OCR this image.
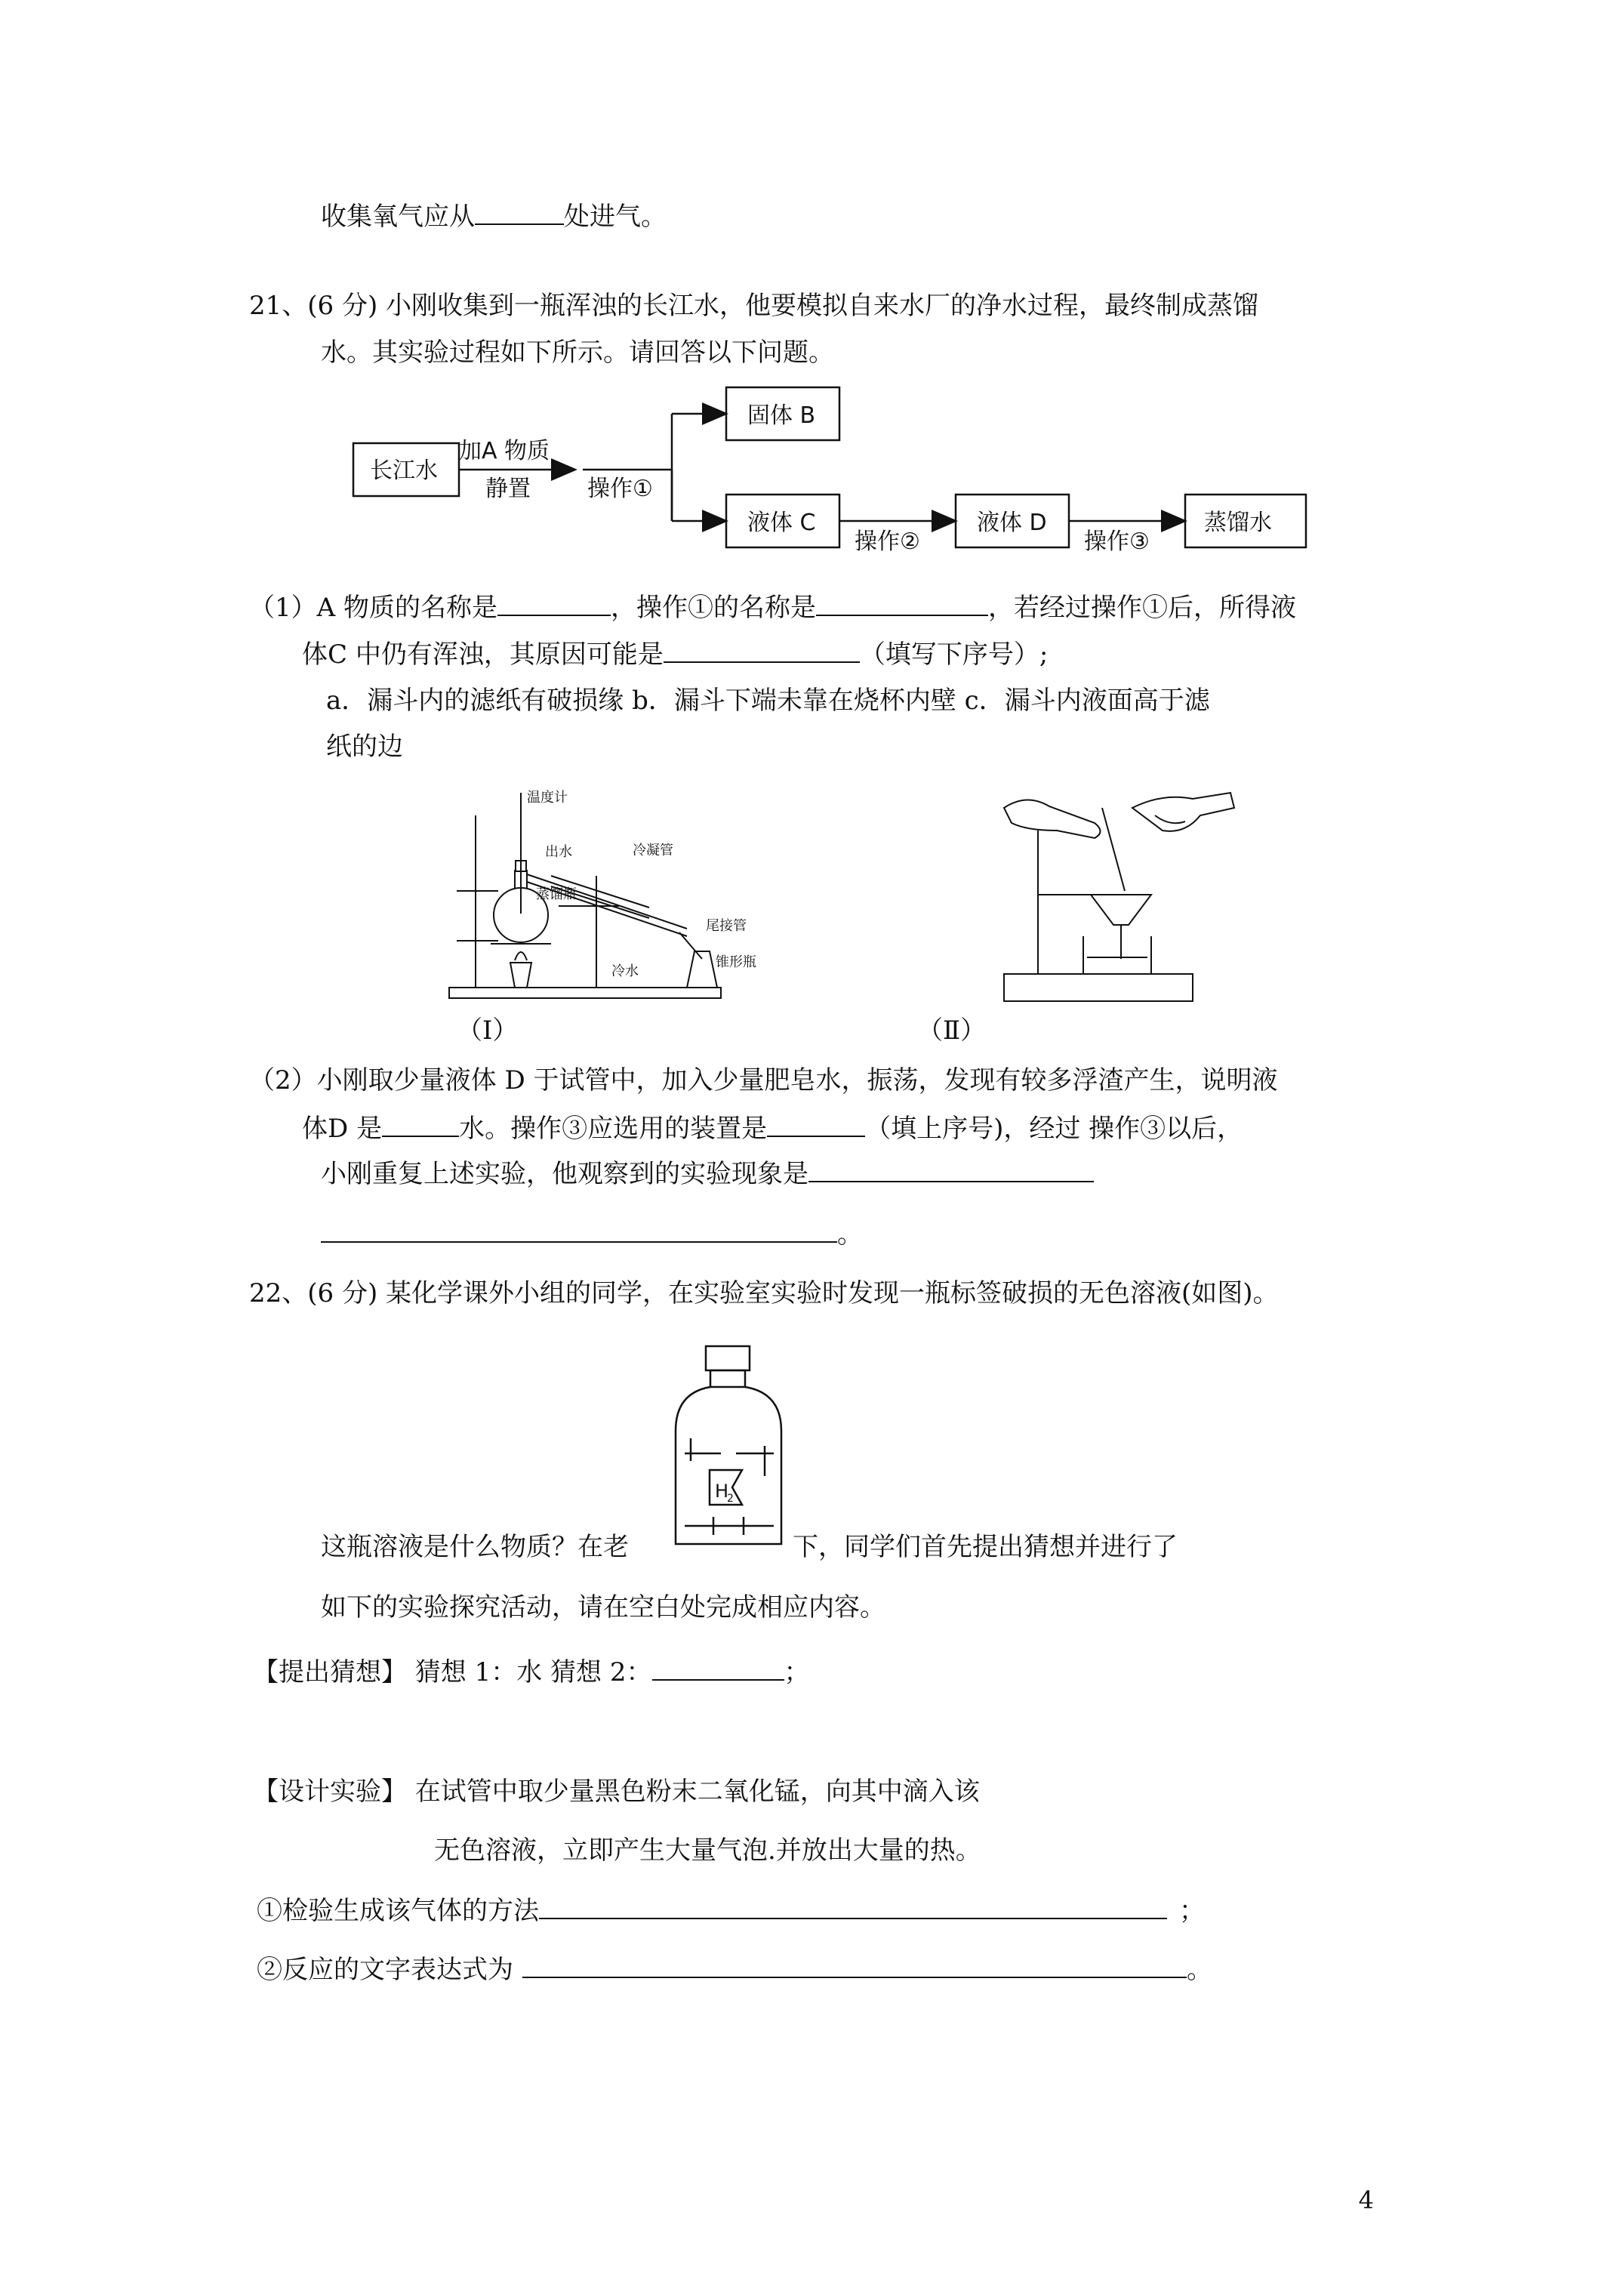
收集氧气应从	处进气。
21、(6 分) 小刚收集到一瓶浑浊的长江水，他要模拟自来水厂的净水过程，最终制成蒸馏
水。其实验过程如下所示。请回答以下问题。
长江水
加A 物质
静置	操作①
固体 B
液体 C
操作②
液体 D
操作③
蒸馏水
（1）A 物质的名称是	，操作①的名称是	，若经过操作①后，所得液
体C 中仍有浑浊，其原因可能是	（填写下序号）;
a．漏斗内的滤纸有破损缘 b．漏斗下端未靠在烧杯内壁 c．漏斗内液面高于滤
纸的边
温度计
出水	冷凝管
蒸馏瓶
尾接管
冷水
锥形瓶
（Ⅰ）	（Ⅱ）
（2）小刚取少量液体 D 于试管中，加入少量肥皂水，振荡，发现有较多浮渣产生，说明液
体D 是	水。操作③应选用的装置是	（填上序号)，经过 操作③以后，
小刚重复上述实验，他观察到的实验现象是
。
22、(6 分) 某化学课外小组的同学，在实验室实验时发现一瓶标签破损的无色溶液(如图)。
H
2
这瓶溶液是什么物质？在老	下，同学们首先提出猜想并进行了
如下的实验探究活动，请在空白处完成相应内容。
【提出猜想】 猜想 1：水 猜想 2：	；
【设计实验】 在试管中取少量黑色粉末二氧化锰，向其中滴入该
无色溶液，立即产生大量气泡.并放出大量的热。
①检验生成该气体的方法	；
②反应的文字表达式为	。
4
